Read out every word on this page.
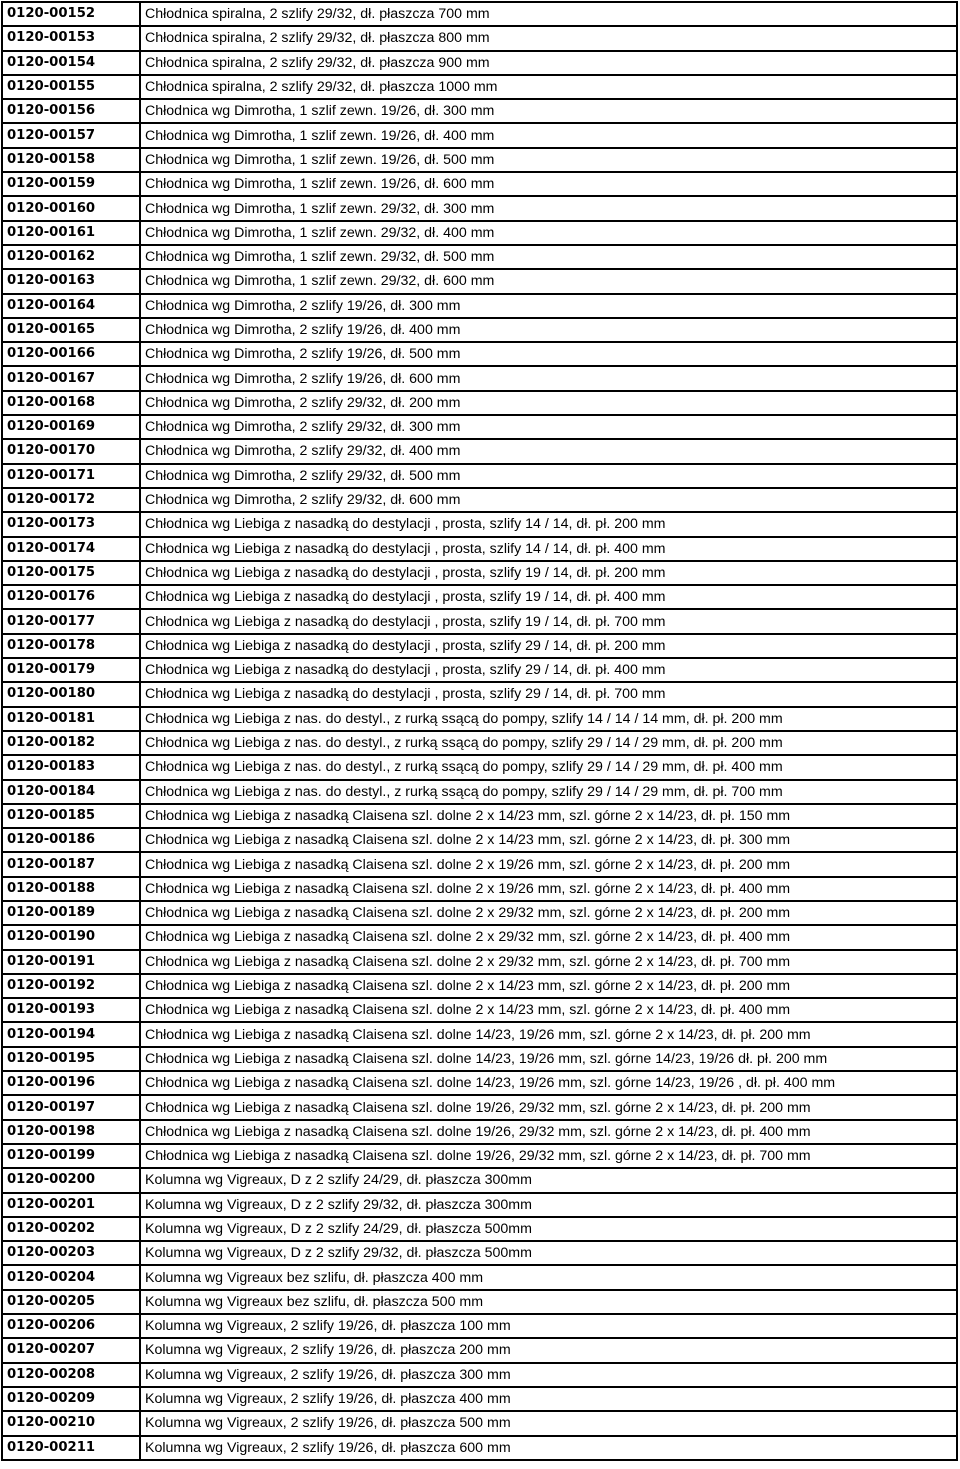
0120-00152	Chłodnica spiralna, 2 szlify 29/32, dł. płaszcza 700 mm
0120-00153	Chłodnica spiralna, 2 szlify 29/32, dł. płaszcza 800 mm
0120-00154	Chłodnica spiralna, 2 szlify 29/32, dł. płaszcza 900 mm
0120-00155	Chłodnica spiralna, 2 szlify 29/32, dł. płaszcza 1000 mm
0120-00156	Chłodnica wg Dimrotha, 1 szlif zewn. 19/26, dł. 300 mm
0120-00157	Chłodnica wg Dimrotha, 1 szlif zewn. 19/26, dł. 400 mm
0120-00158	Chłodnica wg Dimrotha, 1 szlif zewn. 19/26, dł. 500 mm
0120-00159	Chłodnica wg Dimrotha, 1 szlif zewn. 19/26, dł. 600 mm
0120-00160	Chłodnica wg Dimrotha, 1 szlif zewn. 29/32, dł. 300 mm
0120-00161	Chłodnica wg Dimrotha, 1 szlif zewn. 29/32, dł. 400 mm
0120-00162	Chłodnica wg Dimrotha, 1 szlif zewn. 29/32, dł. 500 mm
0120-00163	Chłodnica wg Dimrotha, 1 szlif zewn. 29/32, dł. 600 mm
0120-00164	Chłodnica wg Dimrotha, 2 szlify 19/26, dł. 300 mm
0120-00165	Chłodnica wg Dimrotha, 2 szlify 19/26, dł. 400 mm
0120-00166	Chłodnica wg Dimrotha, 2 szlify 19/26, dł. 500 mm
0120-00167	Chłodnica wg Dimrotha, 2 szlify 19/26, dł. 600 mm
0120-00168	Chłodnica wg Dimrotha, 2 szlify 29/32, dł. 200 mm
0120-00169	Chłodnica wg Dimrotha, 2 szlify 29/32, dł. 300 mm
0120-00170	Chłodnica wg Dimrotha, 2 szlify 29/32, dł. 400 mm
0120-00171	Chłodnica wg Dimrotha, 2 szlify 29/32, dł. 500 mm
0120-00172	Chłodnica wg Dimrotha, 2 szlify 29/32, dł. 600 mm
0120-00173	Chłodnica wg Liebiga z nasadką do destylacji , prosta, szlify 14 / 14, dł. pł. 200 mm
0120-00174	Chłodnica wg Liebiga z nasadką do destylacji , prosta, szlify 14 / 14, dł. pł. 400 mm
0120-00175	Chłodnica wg Liebiga z nasadką do destylacji , prosta, szlify 19 / 14, dł. pł. 200 mm
0120-00176	Chłodnica wg Liebiga z nasadką do destylacji , prosta, szlify 19 / 14, dł. pł. 400 mm
0120-00177	Chłodnica wg Liebiga z nasadką do destylacji , prosta, szlify 19 / 14, dł. pł. 700 mm
0120-00178	Chłodnica wg Liebiga z nasadką do destylacji , prosta, szlify 29 / 14, dł. pł. 200 mm
0120-00179	Chłodnica wg Liebiga z nasadką do destylacji , prosta, szlify 29 / 14, dł. pł. 400 mm
0120-00180	Chłodnica wg Liebiga z nasadką do destylacji , prosta, szlify 29 / 14, dł. pł. 700 mm
0120-00181	Chłodnica wg Liebiga z nas. do destyl., z rurką ssącą do pompy, szlify 14 / 14 / 14 mm, dł. pł. 200 mm
0120-00182	Chłodnica wg Liebiga z nas. do destyl., z rurką ssącą do pompy, szlify 29 / 14 / 29 mm, dł. pł. 200 mm
0120-00183	Chłodnica wg Liebiga z nas. do destyl., z rurką ssącą do pompy, szlify 29 / 14 / 29 mm, dł. pł. 400 mm
0120-00184	Chłodnica wg Liebiga z nas. do destyl., z rurką ssącą do pompy, szlify 29 / 14 / 29 mm, dł. pł. 700 mm
0120-00185	Chłodnica wg Liebiga z nasadką Claisena szl. dolne 2 x 14/23 mm, szl. górne 2 x 14/23, dł. pł. 150 mm
0120-00186	Chłodnica wg Liebiga z nasadką Claisena szl. dolne 2 x 14/23 mm, szl. górne 2 x 14/23, dł. pł. 300 mm
0120-00187	Chłodnica wg Liebiga z nasadką Claisena szl. dolne 2 x 19/26 mm, szl. górne 2 x 14/23, dł. pł. 200 mm
0120-00188	Chłodnica wg Liebiga z nasadką Claisena szl. dolne 2 x 19/26 mm, szl. górne 2 x 14/23, dł. pł. 400 mm
0120-00189	Chłodnica wg Liebiga z nasadką Claisena szl. dolne 2 x 29/32 mm, szl. górne 2 x 14/23, dł. pł. 200 mm
0120-00190	Chłodnica wg Liebiga z nasadką Claisena szl. dolne 2 x 29/32 mm, szl. górne 2 x 14/23, dł. pł. 400 mm
0120-00191	Chłodnica wg Liebiga z nasadką Claisena szl. dolne 2 x 29/32 mm, szl. górne 2 x 14/23, dł. pł. 700 mm
0120-00192	Chłodnica wg Liebiga z nasadką Claisena szl. dolne 2 x 14/23 mm, szl. górne 2 x 14/23, dł. pł. 200 mm
0120-00193	Chłodnica wg Liebiga z nasadką Claisena szl. dolne 2 x 14/23 mm, szl. górne 2 x 14/23, dł. pł. 400 mm
0120-00194	Chłodnica wg Liebiga z nasadką Claisena szl. dolne 14/23, 19/26 mm, szl. górne 2 x 14/23, dł. pł. 200 mm
0120-00195	Chłodnica wg Liebiga z nasadką Claisena szl. dolne 14/23, 19/26 mm, szl. górne 14/23, 19/26 dł. pł. 200 mm
0120-00196	Chłodnica wg Liebiga z nasadką Claisena szl. dolne 14/23, 19/26 mm, szl. górne 14/23, 19/26 , dł. pł. 400 mm
0120-00197	Chłodnica wg Liebiga z nasadką Claisena szl. dolne 19/26, 29/32 mm, szl. górne 2 x 14/23, dł. pł. 200 mm
0120-00198	Chłodnica wg Liebiga z nasadką Claisena szl. dolne 19/26, 29/32 mm, szl. górne 2 x 14/23, dł. pł. 400 mm
0120-00199	Chłodnica wg Liebiga z nasadką Claisena szl. dolne 19/26, 29/32 mm, szl. górne 2 x 14/23, dł. pł. 700 mm
0120-00200	Kolumna wg Vigreaux, D z 2 szlify 24/29, dł. płaszcza 300mm
0120-00201	Kolumna wg Vigreaux, D z 2 szlify 29/32, dł. płaszcza 300mm
0120-00202	Kolumna wg Vigreaux, D z 2 szlify 24/29, dł. płaszcza 500mm
0120-00203	Kolumna wg Vigreaux, D z 2 szlify 29/32, dł. płaszcza 500mm
0120-00204	Kolumna wg Vigreaux bez szlifu, dł. płaszcza 400 mm
0120-00205	Kolumna wg Vigreaux bez szlifu, dł. płaszcza 500 mm
0120-00206	Kolumna wg Vigreaux, 2 szlify 19/26, dł. płaszcza 100 mm
0120-00207	Kolumna wg Vigreaux, 2 szlify 19/26, dł. płaszcza 200 mm
0120-00208	Kolumna wg Vigreaux, 2 szlify 19/26, dł. płaszcza 300 mm
0120-00209	Kolumna wg Vigreaux, 2 szlify 19/26, dł. płaszcza 400 mm
0120-00210	Kolumna wg Vigreaux, 2 szlify 19/26, dł. płaszcza 500 mm
0120-00211	Kolumna wg Vigreaux, 2 szlify 19/26, dł. płaszcza 600 mm
